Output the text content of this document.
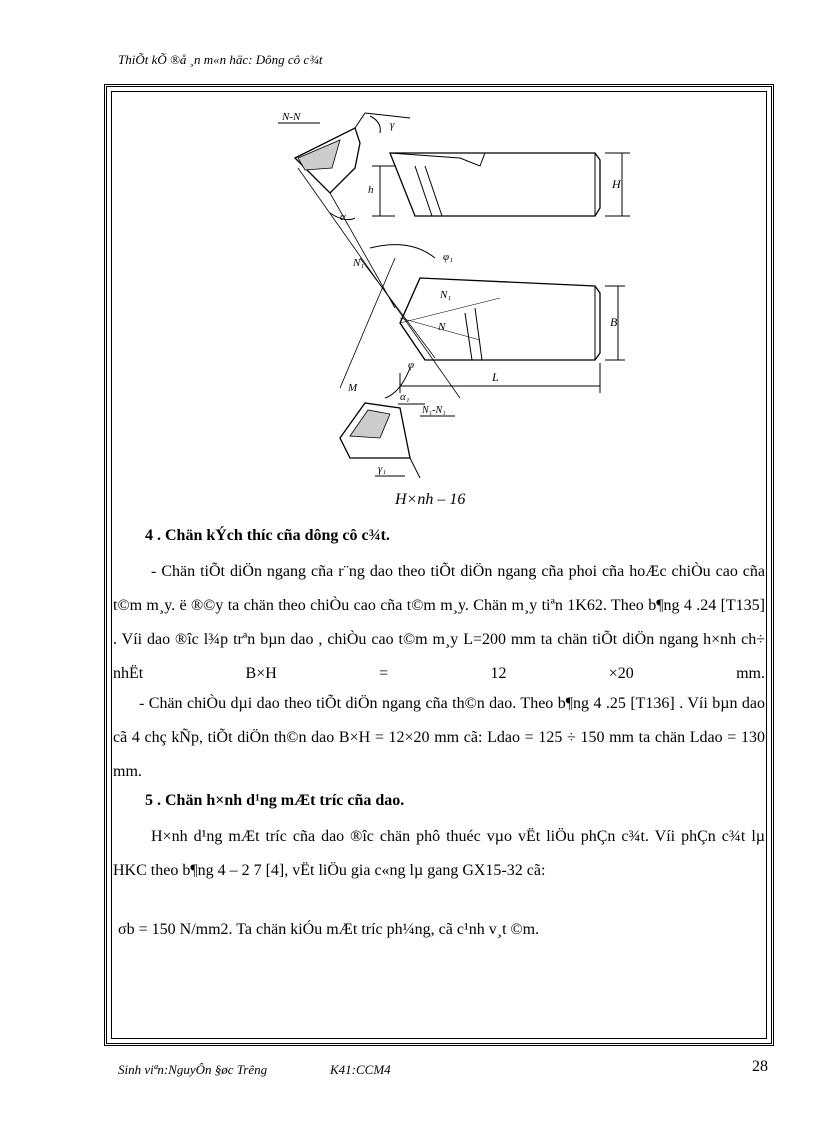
ThiÕt kÕ ®å ¸n m«n häc: Dông cô c¾t
N-N
γ
α
h	H
B
L
N₁	φ₁
N₁
N
φ
M
α₁
N₁-N₁
γ₁
H×nh – 16
4 . Chän kÝch thíc cña dông cô c¾t.
- Chän tiÕt diÖn ngang cña r¨ng dao theo tiÕt diÖn ngang cña phoi cña hoÆc chiÒu cao cña t©m m¸y. ë ®©y ta chän theo chiÒu cao cña t©m m¸y. Chän m¸y tiªn 1K62. Theo b¶ng 4 .24 [T135] . Víi dao ®îc l¾p trªn bµn dao , chiÒu cao t©m m¸y L=200 mm ta chän tiÕt diÖn ngang h×nh ch÷ nhËt B×H = 12 ×20 mm.
- Chän chiÒu dµi dao theo tiÕt diÖn ngang cña th©n dao. Theo b¶ng 4 .25 [T136] . Víi bµn dao cã 4 chç kÑp, tiÕt diÖn th©n dao B×H = 12×20 mm cã: Ldao = 125 ÷ 150 mm ta chän Ldao = 130 mm.
5 . Chän h×nh d¹ng mÆt tríc cña dao.
H×nh d¹ng mÆt tríc cña dao ®îc chän phô thuéc vµo vËt liÖu phÇn c¾t. Víi phÇn c¾t lµ HKC theo b¶ng 4 – 2 7 [4], vËt liÖu gia c«ng lµ gang GX15-32 cã:
σb = 150 N/mm2. Ta chän kiÓu mÆt tríc ph¼ng, cã c¹nh v¸t ©m.
Sinh viªn:NguyÔn §øc Trêng	K41:CCM4	28
